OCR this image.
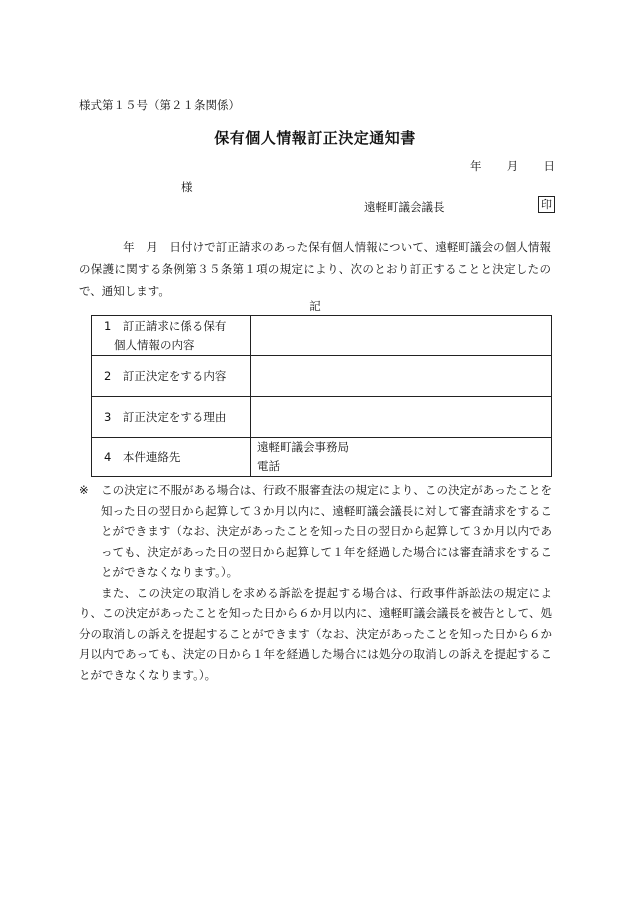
様式第１５号（第２１条関係）
保有個人情報訂正決定通知書
年 月 日
様
遠軽町議会議長	印
年　月　日付けで訂正請求のあった保有個人情報について、遠軽町議会の個人情報の保護に関する条例第３５条第１項の規定により、次のとおり訂正することと決定したので、通知します。
記
1　訂正請求に係る保有
個人情報の内容	

2　訂正決定をする内容	
3　訂正決定をする理由	
4　本件連絡先	遠軽町議会事務局
電話

※ この決定に不服がある場合は、行政不服審査法の規定により、この決定があったことを知った日の翌日から起算して３か月以内に、遠軽町議会議長に対して審査請求をすることができます（なお、決定があったことを知った日の翌日から起算して３か月以内であっても、決定があった日の翌日から起算して１年を経過した場合には審査請求をすることができなくなります。）。

また、この決定の取消しを求める訴訟を提起する場合は、行政事件訴訟法の規定により、この決定があったことを知った日から６か月以内に、遠軽町議会議長を被告として、処分の取消しの訴えを提起することができます（なお、決定があったことを知った日から６か月以内であっても、決定の日から１年を経過した場合には処分の取消しの訴えを提起することができなくなります。）。
